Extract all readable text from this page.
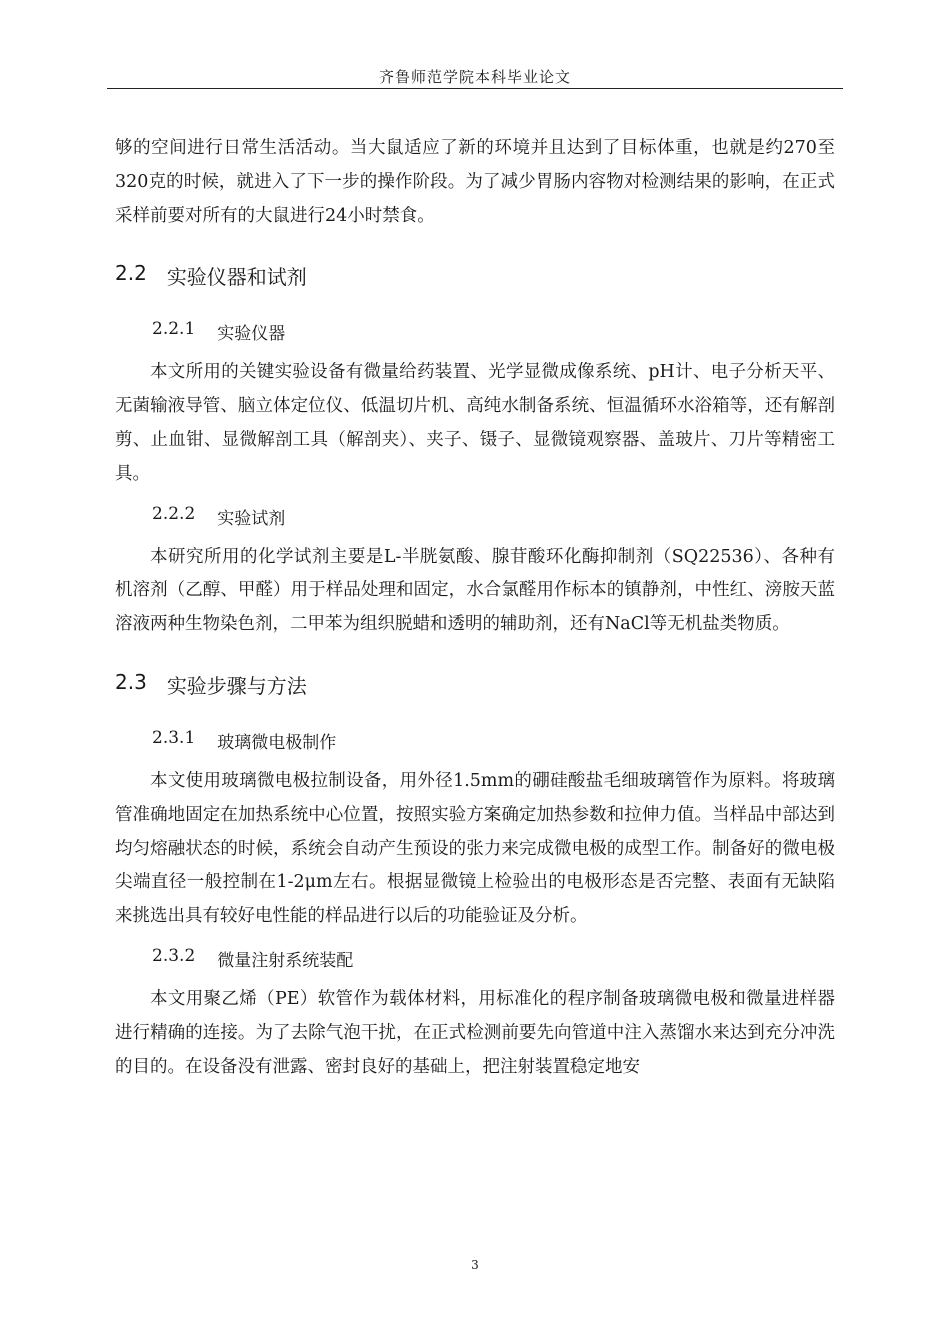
齐鲁师范学院本科毕业论文

够的空间进行日常生活活动。当大鼠适应了新的环境并且达到了目标体重，也就是约270至320克的时候，就进入了下一步的操作阶段。为了减少胃肠内容物对检测结果的影响，在正式采样前要对所有的大鼠进行24小时禁食。

2.2 实验仪器和试剂
2.2.1 实验仪器

本文所用的关键实验设备有微量给药装置、光学显微成像系统、pH计、电子分析天平、无菌输液导管、脑立体定位仪、低温切片机、高纯水制备系统、恒温循环水浴箱等，还有解剖剪、止血钳、显微解剖工具（解剖夹）、夹子、镊子、显微镜观察器、盖玻片、刀片等精密工具。

2.2.2 实验试剂

本研究所用的化学试剂主要是L-半胱氨酸、腺苷酸环化酶抑制剂（SQ22536）、各种有机溶剂（乙醇、甲醛）用于样品处理和固定，水合氯醛用作标本的镇静剂，中性红、滂胺天蓝溶液两种生物染色剂，二甲苯为组织脱蜡和透明的辅助剂，还有NaCl等无机盐类物质。

2.3 实验步骤与方法
2.3.1 玻璃微电极制作

本文使用玻璃微电极拉制设备，用外径1.5mm的硼硅酸盐毛细玻璃管作为原料。将玻璃管准确地固定在加热系统中心位置，按照实验方案确定加热参数和拉伸力值。当样品中部达到均匀熔融状态的时候，系统会自动产生预设的张力来完成微电极的成型工作。制备好的微电极尖端直径一般控制在1-2μm左右。根据显微镜上检验出的电极形态是否完整、表面有无缺陷来挑选出具有较好电性能的样品进行以后的功能验证及分析。

2.3.2 微量注射系统装配

本文用聚乙烯（PE）软管作为载体材料，用标准化的程序制备玻璃微电极和微量进样器进行精确的连接。为了去除气泡干扰，在正式检测前要先向管道中注入蒸馏水来达到充分冲洗的目的。在设备没有泄露、密封良好的基础上，把注射装置稳定地安

3
